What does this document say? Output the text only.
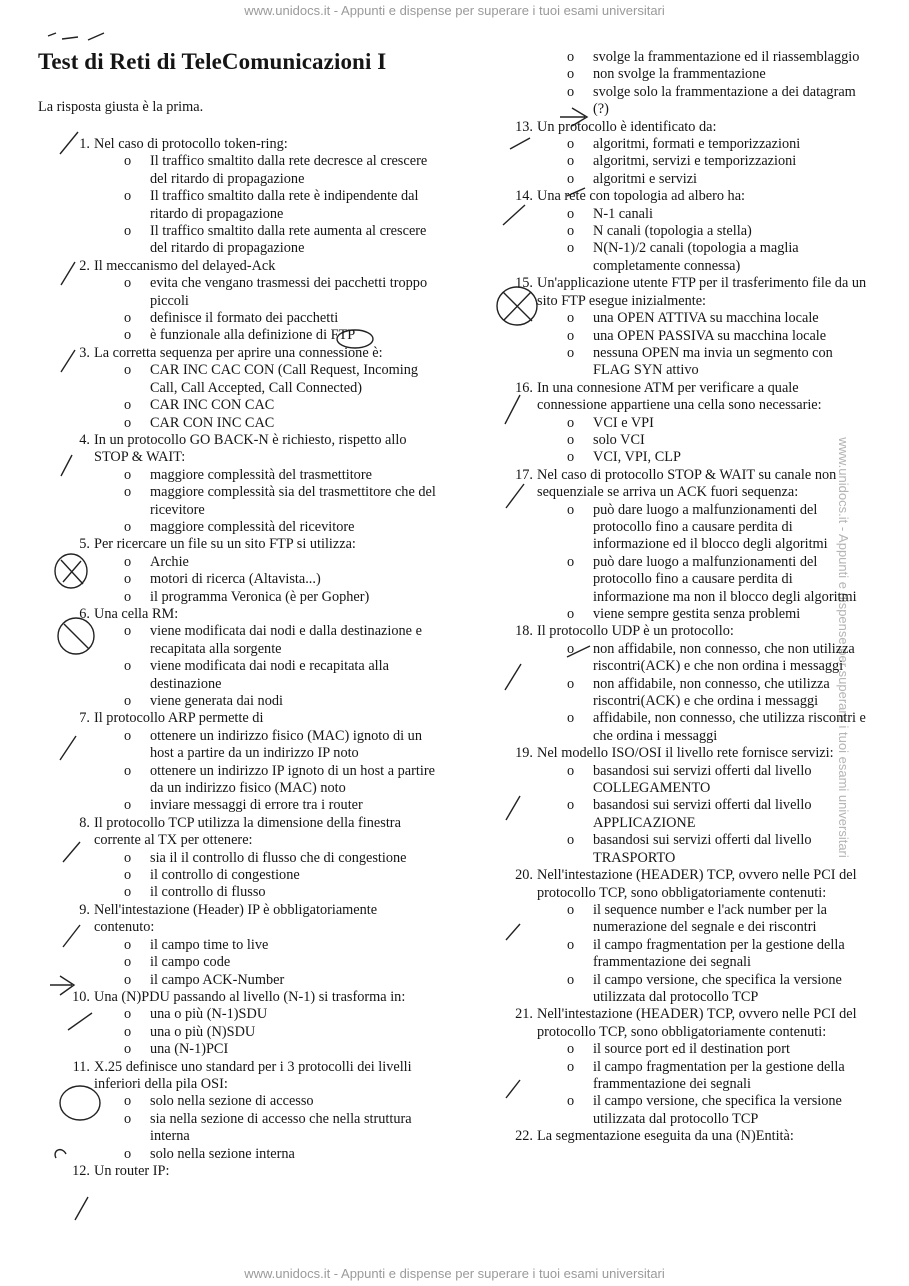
www.unidocs.it - Appunti e dispense per superare i tuoi esami universitari
www.unidocs.it - Appunti e dispense per superare i tuoi esami universitari
www.unidocs.it - Appunti e dispense per superare i tuoi esami universitari
Test di Reti di TeleComunicazioni I
La risposta giusta è la prima.
1. Nel caso di protocollo token-ring:
o Il traffico smaltito dalla rete decresce al crescere del ritardo di propagazione
o Il traffico smaltito dalla rete è indipendente dal ritardo di propagazione
o Il traffico smaltito dalla rete aumenta al crescere del ritardo di propagazione
2. Il meccanismo del delayed-Ack
o evita che vengano trasmessi dei pacchetti troppo piccoli
o definisce il formato dei pacchetti
o è funzionale alla definizione di FTP
3. La corretta sequenza per aprire una connessione è:
o CAR INC CAC CON (Call Request, Incoming Call, Call Accepted, Call Connected)
o CAR INC CON CAC
o CAR CON INC CAC
4. In un protocollo GO BACK-N è richiesto, rispetto allo STOP & WAIT:
o maggiore complessità del trasmettitore
o maggiore complessità sia del trasmettitore che del ricevitore
o maggiore complessità del ricevitore
5. Per ricercare un file su un sito FTP si utilizza:
o Archie
o motori di ricerca (Altavista...)
o il programma Veronica (è per Gopher)
6. Una cella RM:
o viene modificata dai nodi e dalla destinazione e recapitata alla sorgente
o viene modificata dai nodi e recapitata alla destinazione
o viene generata dai nodi
7. Il protocollo ARP permette di
o ottenere un indirizzo fisico (MAC) ignoto di un host a partire da un indirizzo IP noto
o ottenere un indirizzo IP ignoto di un host a partire da un indirizzo fisico (MAC) noto
o inviare messaggi di errore tra i router
8. Il protocollo TCP utilizza la dimensione della finestra corrente al TX per ottenere:
o sia il il controllo di flusso che di congestione
o il controllo di congestione
o il controllo di flusso
9. Nell'intestazione (Header) IP è obbligatoriamente contenuto:
o il campo time to live
o il campo code
o il campo ACK-Number
10. Una (N)PDU passando al livello (N-1) si trasforma in:
o una o più (N-1)SDU
o una o più (N)SDU
o una (N-1)PCI
11. X.25 definisce uno standard per i 3 protocolli dei livelli inferiori della pila OSI:
o solo nella sezione di accesso
o sia nella sezione di accesso che nella struttura interna
o solo nella sezione interna
12. Un router IP:
o svolge la frammentazione ed il riassemblaggio
o non svolge la frammentazione
o svolge solo la frammentazione a dei datagram (?)
13. Un protocollo è identificato da:
o algoritmi, formati e temporizzazioni
o algoritmi, servizi e temporizzazioni
o algoritmi e servizi
14. Una rete con topologia ad albero ha:
o N-1 canali
o N canali (topologia a stella)
o N(N-1)/2 canali (topologia a maglia completamente connessa)
15. Un'applicazione utente FTP per il trasferimento file da un sito FTP esegue inizialmente:
o una OPEN ATTIVA su macchina locale
o una OPEN PASSIVA su macchina locale
o nessuna OPEN ma invia un segmento con FLAG SYN attivo
16. In una connesione ATM per verificare a quale connessione appartiene una cella sono necessarie:
o VCI e VPI
o solo VCI
o VCI, VPI, CLP
17. Nel caso di protocollo STOP & WAIT su canale non sequenziale se arriva un ACK fuori sequenza:
o può dare luogo a malfunzionamenti del protocollo fino a causare perdita di informazione ed il blocco degli algoritmi
o può dare luogo a malfunzionamenti del protocollo fino a causare perdita di informazione ma non il blocco degli algoritmi
o viene sempre gestita senza problemi
18. Il protocollo UDP è un protocollo:
o non affidabile, non connesso, che non utilizza riscontri(ACK) e che non ordina i messaggi
o non affidabile, non connesso, che utilizza riscontri(ACK) e che ordina i messaggi
o affidabile, non connesso, che utilizza riscontri e che ordina i messaggi
19. Nel modello ISO/OSI il livello rete fornisce servizi:
o basandosi sui servizi offerti dal livello COLLEGAMENTO
o basandosi sui servizi offerti dal livello APPLICAZIONE
o basandosi sui servizi offerti dal livello TRASPORTO
20. Nell'intestazione (HEADER) TCP, ovvero nelle PCI del protocollo TCP, sono obbligatoriamente contenuti:
o il sequence number e l'ack number per la numerazione del segnale e dei riscontri
o il campo fragmentation per la gestione della frammentazione dei segnali
o il campo versione, che specifica la versione utilizzata dal protocollo TCP
21. Nell'intestazione (HEADER) TCP, ovvero nelle PCI del protocollo TCP, sono obbligatoriamente contenuti:
o il source port ed il destination port
o il campo fragmentation per la gestione della frammentazione dei segnali
o il campo versione, che specifica la versione utilizzata dal protocollo TCP
22. La segmentazione eseguita da una (N)Entità:
